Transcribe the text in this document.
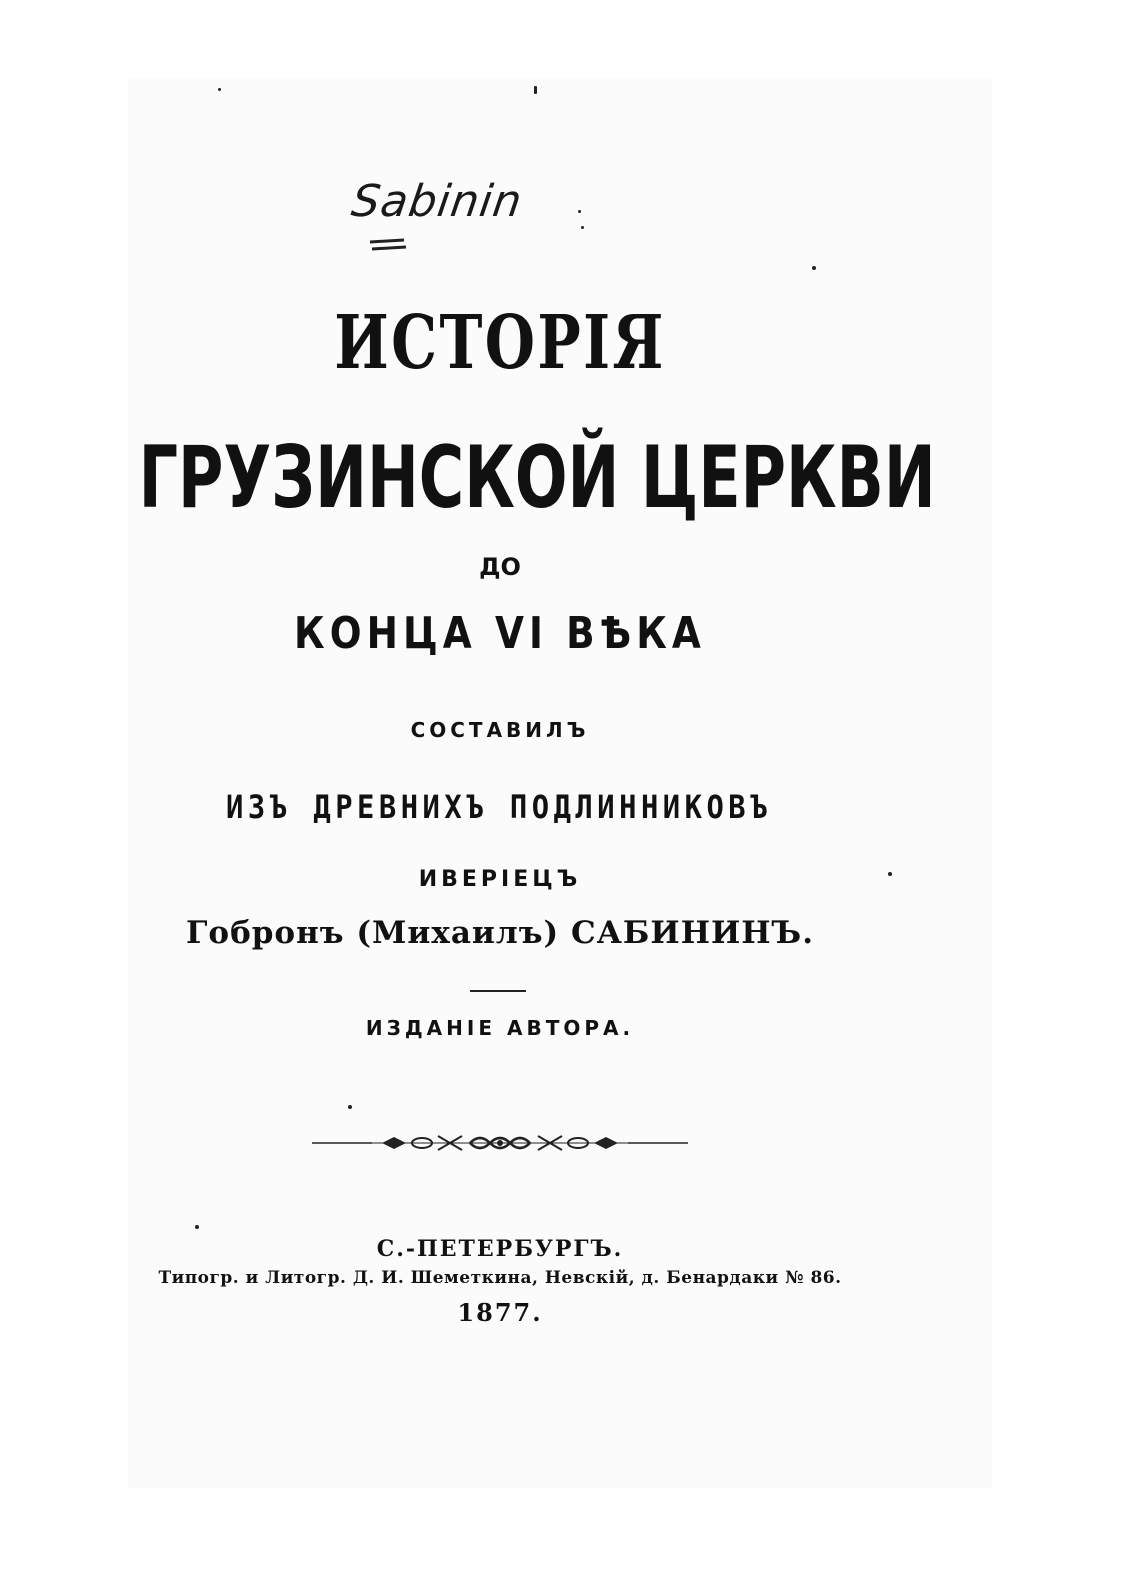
Sabinin
ИСТОРІЯ
ГРУЗИНСКОЙ ЦЕРКВИ
ДО
КОНЦА VI ВѢКА
СОСТАВИЛЪ
ИЗЪ ДРЕВНИХЪ ПОДЛИННИКОВЪ
ИВЕРІЕЦЪ
Гобронъ (Михаилъ) САБИНИНЪ.
ИЗДАНІЕ АВТОРА.
С.-ПЕТЕРБУРГЪ.
Типогр. и Литогр. Д. И. Шеметкина, Невскій, д. Бенардаки № 86.
1877.
